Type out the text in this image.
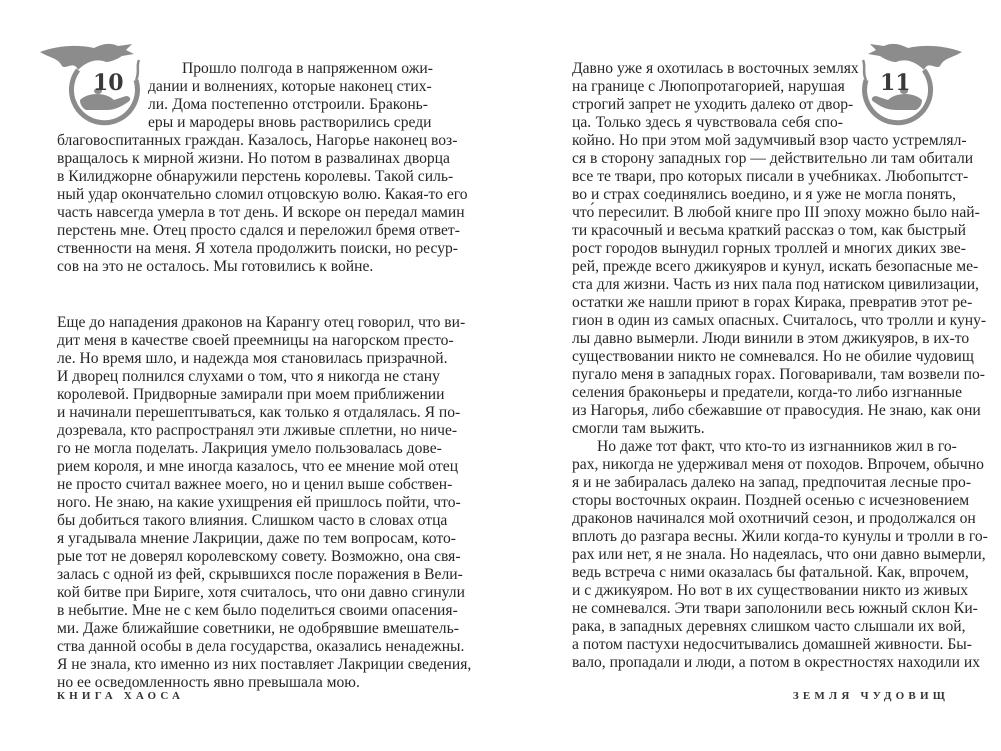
10	11
Прошло полгода в напряженном ожи-
дании и волнениях, которые наконец стих-
ли. Дома постепенно отстроили. Браконь-
еры и мародеры вновь растворились среди
благовоспитанных граждан. Казалось, Нагорье наконец воз-
вращалось к мирной жизни. Но потом в развалинах дворца
в Килиджорне обнаружили перстень королевы. Такой силь-
ный удар окончательно сломил отцовскую волю. Какая-то его
часть навсегда умерла в тот день. И вскоре он передал мамин
перстень мне. Отец просто сдался и переложил бремя ответ-
ственности на меня. Я хотела продолжить поиски, но ресур-
сов на это не осталось. Мы готовились к войне.
Еще до нападения драконов на Карангу отец говорил, что ви-
дит меня в качестве своей преемницы на нагорском престо-
ле. Но время шло, и надежда моя становилась призрачной.
И дворец полнился слухами о том, что я никогда не стану
королевой. Придворные замирали при моем приближении
и начинали перешептываться, как только я отдалялась. Я по-
дозревала, кто распространял эти лживые сплетни, но ниче-
го не могла поделать. Лакриция умело пользовалась дове-
рием короля, и мне иногда казалось, что ее мнение мой отец
не просто считал важнее моего, но и ценил выше собствен-
ного. Не знаю, на какие ухищрения ей пришлось пойти, что-
бы добиться такого влияния. Слишком часто в словах отца
я угадывала мнение Лакриции, даже по тем вопросам, кото-
рые тот не доверял королевскому совету. Возможно, она свя-
залась с одной из фей, скрывшихся после поражения в Вели-
кой битве при Бириге, хотя считалось, что они давно сгинули
в небытие. Мне не с кем было поделиться своими опасения-
ми. Даже ближайшие советники, не одобрявшие вмешатель-
ства данной особы в дела государства, оказались ненадежны.
Я не знала, кто именно из них поставляет Лакриции сведения,
но ее осведомленность явно превышала мою.
Давно уже я охотилась в восточных землях
на границе с Люпопротагорией, нарушая
строгий запрет не уходить далеко от двор-
ца. Только здесь я чувствовала себя спо-
койно. Но при этом мой задумчивый взор часто устремлял-
ся в сторону западных гор — действительно ли там обитали
все те твари, про которых писали в учебниках. Любопытст-
во и страх соединялись воедино, и я уже не могла понять,
что́ пересилит. В любой книге про III эпоху можно было най-
ти красочный и весьма краткий рассказ о том, как быстрый
рост городов вынудил горных троллей и многих диких зве-
рей, прежде всего джикуяров и кунул, искать безопасные ме-
ста для жизни. Часть из них пала под натиском цивилизации,
остатки же нашли приют в горах Кирака, превратив этот ре-
гион в один из самых опасных. Считалось, что тролли и куну-
лы давно вымерли. Люди винили в этом джикуяров, в их-то
существовании никто не сомневался. Но не обилие чудовищ
пугало меня в западных горах. Поговаривали, там возвели по-
селения браконьеры и предатели, когда-то либо изгнанные
из Нагорья, либо сбежавшие от правосудия. Не знаю, как они
смогли там выжить.
Но даже тот факт, что кто-то из изгнанников жил в го-
рах, никогда не удерживал меня от походов. Впрочем, обычно
я и не забиралась далеко на запад, предпочитая лесные про-
сторы восточных окраин. Поздней осенью с исчезновением
драконов начинался мой охотничий сезон, и продолжался он
вплоть до разгара весны. Жили когда-то кунулы и тролли в го-
рах или нет, я не знала. Но надеялась, что они давно вымерли,
ведь встреча с ними оказалась бы фатальной. Как, впрочем,
и с джикуяром. Но вот в их существовании никто из живых
не сомневался. Эти твари заполонили весь южный склон Ки-
рака, в западных деревнях слишком часто слышали их вой,
а потом пастухи недосчитывались домашней живности. Бы-
вало, пропадали и люди, а потом в окрестностях находили их
КНИГА ХАОСА	ЗЕМЛЯ ЧУДОВИЩ
